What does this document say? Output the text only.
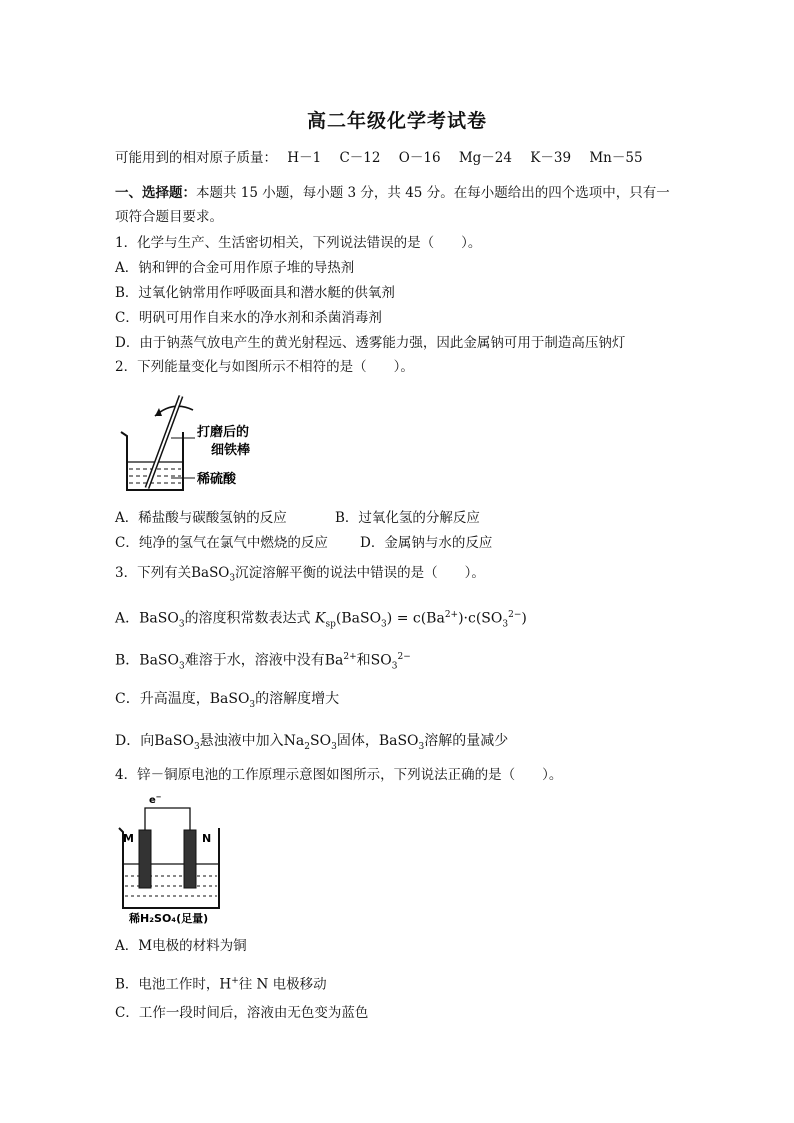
高二年级化学考试卷
可能用到的相对原子质量： H－1 C－12 O－16 Mg－24 K－39 Mn－55
一、选择题：本题共 15 小题，每小题 3 分，共 45 分。在每小题给出的四个选项中，只有一
项符合题目要求。
1．化学与生产、生活密切相关，下列说法错误的是（　　）。
A．钠和钾的合金可用作原子堆的导热剂
B．过氧化钠常用作呼吸面具和潜水艇的供氧剂
C．明矾可用作自来水的净水剂和杀菌消毒剂
D．由于钠蒸气放电产生的黄光射程远、透雾能力强，因此金属钠可用于制造高压钠灯
2．下列能量变化与如图所示不相符的是（　　）。
打磨后的
细铁棒
稀硫酸
A．稀盐酸与碳酸氢钠的反应	B．过氧化氢的分解反应
C．纯净的氢气在氯气中燃烧的反应 D．金属钠与水的反应
3．下列有关BaSO$_3$沉淀溶解平衡的说法中错误的是（　　）。
A．BaSO$_3$的溶度积常数表达式 $K_{sp}(BaSO_3) = c(Ba^{2+})\cdot c(SO_3^{2-})$
B．BaSO$_3$难溶于水，溶液中没有$Ba^{2+}$和$SO_3^{2-}$
C．升高温度，BaSO$_3$的溶解度增大
D．向BaSO$_3$悬浊液中加入$Na_2SO_3$固体，BaSO$_3$溶解的量减少
4．锌－铜原电池的工作原理示意图如图所示，下列说法正确的是（　　）。
e−
M	N
稀H₂SO₄(足量)
A．M电极的材料为铜
B．电池工作时，H+往 N 电极移动
C．工作一段时间后，溶液由无色变为蓝色
